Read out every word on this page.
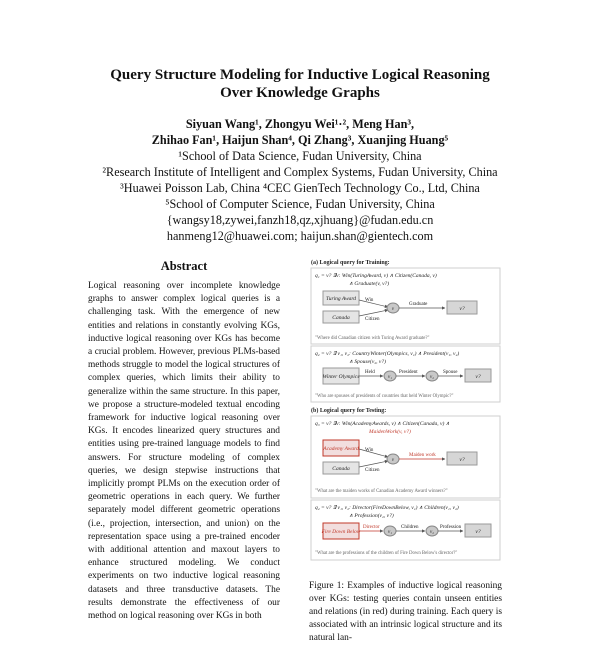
Query Structure Modeling for Inductive Logical Reasoning
Over Knowledge Graphs
Siyuan Wang¹, Zhongyu Wei¹·², Meng Han³,
Zhihao Fan¹, Haijun Shan⁴, Qi Zhang³, Xuanjing Huang⁵
¹School of Data Science, Fudan University, China
²Research Institute of Intelligent and Complex Systems, Fudan University, China
³Huawei Poisson Lab, China ⁴CEC GienTech Technology Co., Ltd, China
⁵School of Computer Science, Fudan University, China
{wangsy18,zywei,fanzh18,qz,xjhuang}@fudan.edu.cn
hanmeng12@huawei.com; haijun.shan@gientech.com
Abstract
Logical reasoning over incomplete knowledge graphs to answer complex logical queries is a challenging task. With the emergence of new entities and relations in constantly evolving KGs, inductive logical reasoning over KGs has become a crucial problem. However, previous PLMs-based methods struggle to model the logical structures of complex queries, which limits their ability to generalize within the same structure. In this paper, we propose a structure-modeled textual encoding framework for inductive logical reasoning over KGs. It encodes linearized query structures and entities using pre-trained language models to find answers. For structure modeling of complex queries, we design stepwise instructions that implicitly prompt PLMs on the execution order of geometric operations in each query. We further separately model different geometric operations (i.e., projection, intersection, and union) on the representation space using a pre-trained encoder with additional attention and maxout layers to enhance structured modeling. We conduct experiments on two inductive logical reasoning datasets and three transductive datasets. The results demonstrate the effectiveness of our method on logical reasoning over KGs in both
(a) Logical query for Training:
q₁ = v? ∃v: Win(TuringAward, v) ∧ Citizen(Canada, v)
∧ Graduate(v, v?)
Turing Award
Canada
Win
Citizen
v
Graduate
v?
"Where did Canadian citizen with Turing Award graduate?"
q₂ = v? ∃ v₁, v₂: CountryWinter(Olympics, v₁) ∧ President(v₁, v₂)
∧ Spouse(v₂, v?)
Winter Olympics
Held
v₁
President
v₂
Spouse
v?
"Who are spouses of presidents of countries that held Winter Olympic?"
(b) Logical query for Testing:
q₃ = v? ∃v: Win(AcademyAwards, v) ∧ Citizen(Canada, v) ∧
MaidenWork(v, v?)
Academy Award
Canada
Win
Citizen
v
Maiden work
v?
"What are the maiden works of Canadian Academy Award winners?"
q₄ = v? ∃ v₁, v₂: Director(FireDownBelow, v₁) ∧ Children(v₁, v₂)
∧ Profession(v₂, v?)
Fire Down Below
Director
v₁
Children
v₂
Profession
v?
"What are the professions of the children of Fire Down Below's director?"
Figure 1: Examples of inductive logical reasoning over KGs: testing queries contain unseen entities and relations (in red) during training. Each query is associated with an intrinsic logical structure and its natural lan-
